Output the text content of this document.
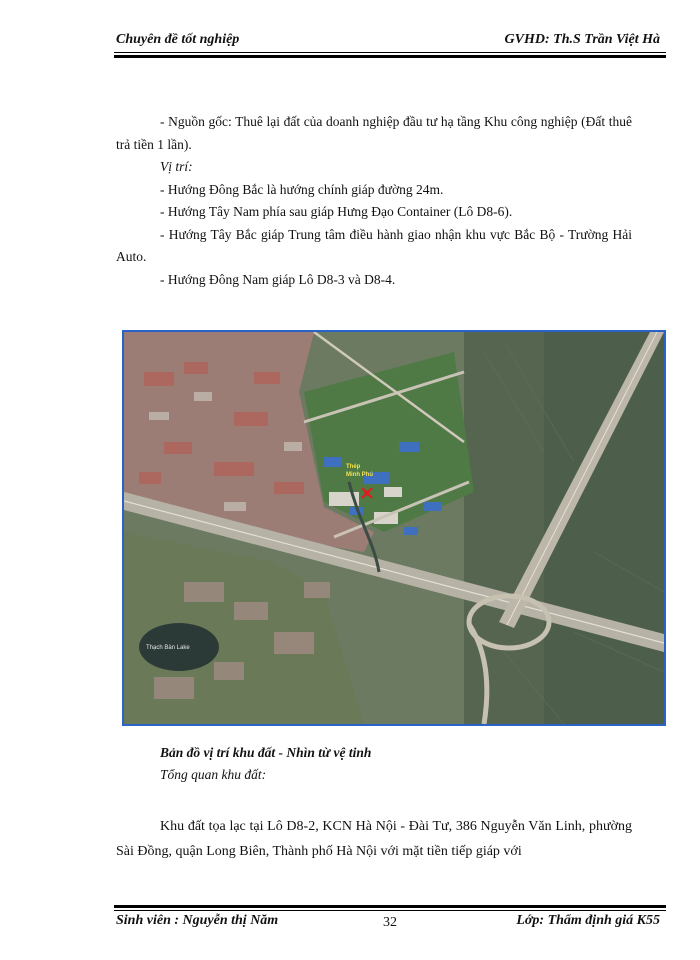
Chuyên đề tốt nghiệp	GVHD: Th.S Trần Việt Hà

- Nguồn gốc: Thuê lại đất của doanh nghiệp đầu tư hạ tầng Khu công nghiệp (Đất thuê trả tiền 1 lần).

Vị trí:

- Hướng Đông Bắc là hướng chính giáp đường 24m.

- Hướng Tây Nam phía sau giáp Hưng Đạo Container (Lô D8-6).

- Hướng Tây Bắc giáp Trung tâm điều hành giao nhận khu vực Bắc Bộ - Trường Hải Auto.

- Hướng Đông Nam giáp Lô D8-3 và D8-4.

Thạch Bàn Lake
Thép
Minh Phú
Bản đồ vị trí khu đất - Nhìn từ vệ tinh
Tổng quan khu đất:

Khu đất tọa lạc tại Lô D8-2, KCN Hà Nội - Đài Tư, 386 Nguyễn Văn Linh, phường Sài Đồng, quận Long Biên, Thành phố Hà Nội với mặt tiền tiếp giáp với

Sinh viên : Nguyễn thị Năm	32	Lớp: Thẩm định giá K55
